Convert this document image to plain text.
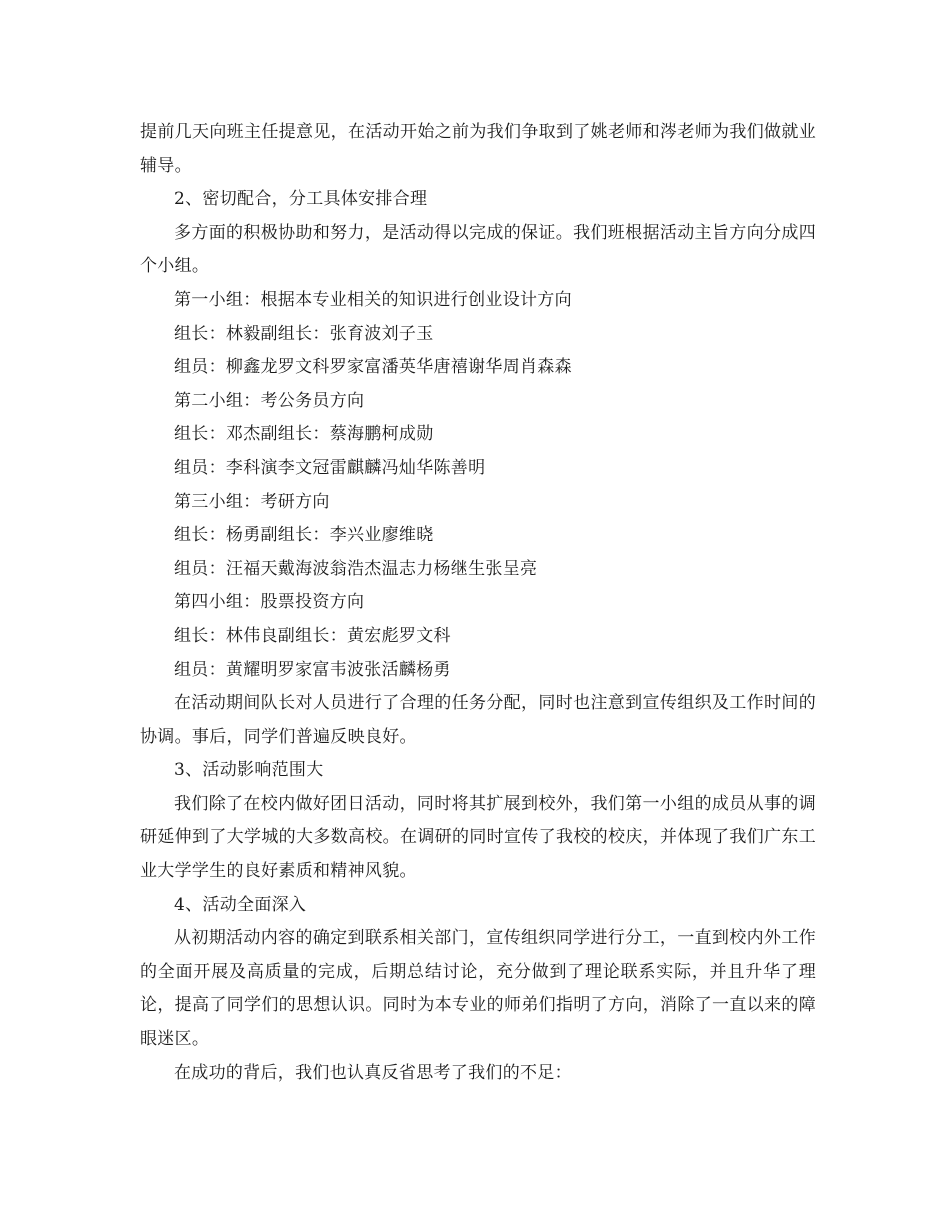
提前几天向班主任提意见，在活动开始之前为我们争取到了姚老师和涔老师为我们做就业辅导。

2、密切配合，分工具体安排合理

多方面的积极协助和努力，是活动得以完成的保证。我们班根据活动主旨方向分成四个小组。

第一小组：根据本专业相关的知识进行创业设计方向

组长：林毅副组长：张育波刘子玉

组员：柳鑫龙罗文科罗家富潘英华唐禧谢华周肖森森

第二小组：考公务员方向

组长：邓杰副组长：蔡海鹏柯成勋

组员：李科演李文冠雷麒麟冯灿华陈善明

第三小组：考研方向

组长：杨勇副组长：李兴业廖维晓

组员：汪福天戴海波翁浩杰温志力杨继生张呈亮

第四小组：股票投资方向

组长：林伟良副组长：黄宏彪罗文科

组员：黄耀明罗家富韦波张活麟杨勇

在活动期间队长对人员进行了合理的任务分配，同时也注意到宣传组织及工作时间的协调。事后，同学们普遍反映良好。

3、活动影响范围大

我们除了在校内做好团日活动，同时将其扩展到校外，我们第一小组的成员从事的调研延伸到了大学城的大多数高校。在调研的同时宣传了我校的校庆，并体现了我们广东工业大学学生的良好素质和精神风貌。

4、活动全面深入

从初期活动内容的确定到联系相关部门，宣传组织同学进行分工，一直到校内外工作的全面开展及高质量的完成，后期总结讨论，充分做到了理论联系实际，并且升华了理论，提高了同学们的思想认识。同时为本专业的师弟们指明了方向，消除了一直以来的障眼迷区。

在成功的背后，我们也认真反省思考了我们的不足：
